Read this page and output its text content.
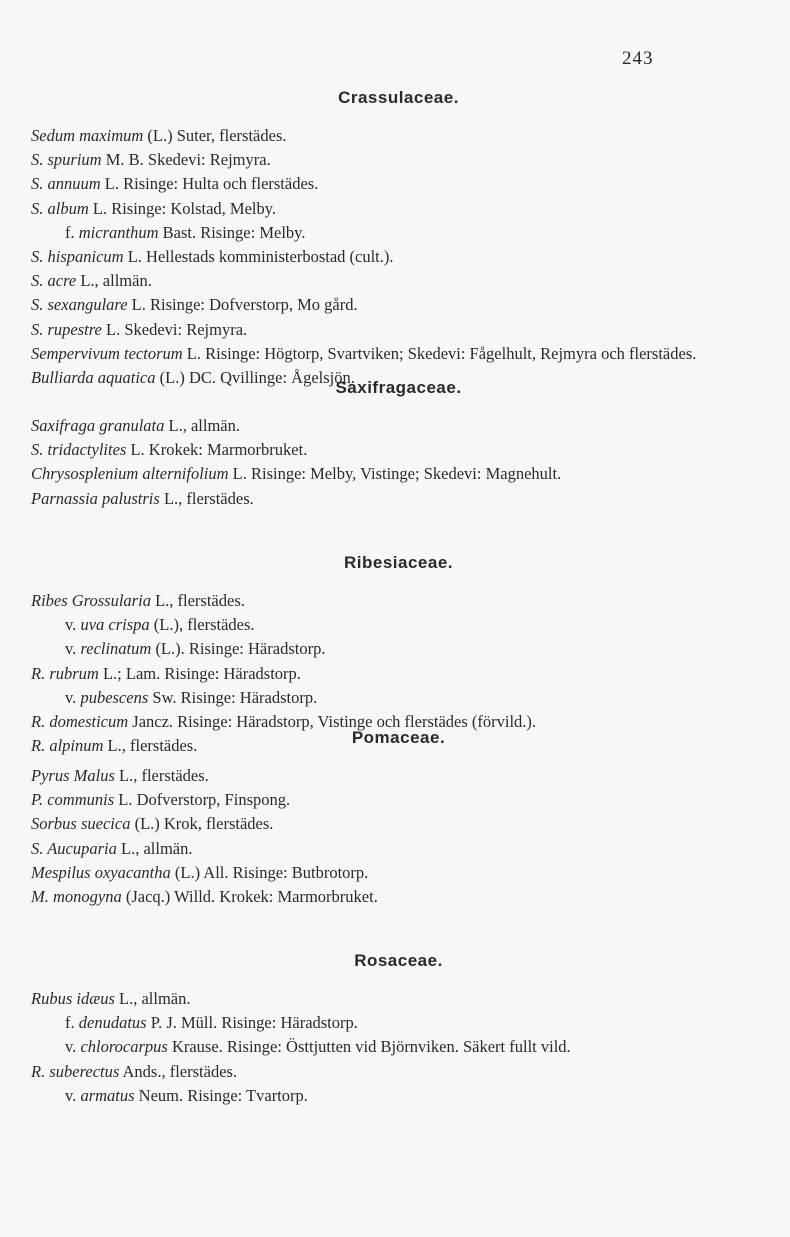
243
Crassulaceae.
Sedum maximum (L.) Suter, flerstädes.
S. spurium M. B. Skedevi: Rejmyra.
S. annuum L. Risinge: Hulta och flerstädes.
S. album L. Risinge: Kolstad, Melby.
f. micranthum Bast. Risinge: Melby.
S. hispanicum L. Hellestads komministerbostad (cult.).
S. acre L., allmän.
S. sexangulare L. Risinge: Dofverstorp, Mo gård.
S. rupestre L. Skedevi: Rejmyra.
Sempervivum tectorum L. Risinge: Högtorp, Svartviken; Skedevi: Fågelhult, Rejmyra och flerstädes.
Bulliarda aquatica (L.) DC. Qvillinge: Ågelsjön.
Saxifragaceae.
Saxifraga granulata L., allmän.
S. tridactylites L. Krokek: Marmorbruket.
Chrysosplenium alternifolium L. Risinge: Melby, Vistinge; Skedevi: Magnehult.
Parnassia palustris L., flerstädes.
Ribesiaceae.
Ribes Grossularia L., flerstädes.
v. uva crispa (L.), flerstädes.
v. reclinatum (L.). Risinge: Häradstorp.
R. rubrum L.; Lam. Risinge: Häradstorp.
v. pubescens Sw. Risinge: Häradstorp.
R. domesticum Jancz. Risinge: Häradstorp, Vistinge och flerstädes (förvild.).
R. alpinum L., flerstädes.	Pomaceae.
Pyrus Malus L., flerstädes.
P. communis L. Dofverstorp, Finspong.
Sorbus suecica (L.) Krok, flerstädes.
S. Aucuparia L., allmän.
Mespilus oxyacantha (L.) All. Risinge: Butbrotorp.
M. monogyna (Jacq.) Willd. Krokek: Marmorbruket.
Rosaceae.
Rubus idæus L., allmän.
f. denudatus P. J. Müll. Risinge: Häradstorp.
v. chlorocarpus Krause. Risinge: Östtjutten vid Björnviken. Säkert fullt vild.
R. suberectus Ands., flerstädes.
v. armatus Neum. Risinge: Tvartorp.
